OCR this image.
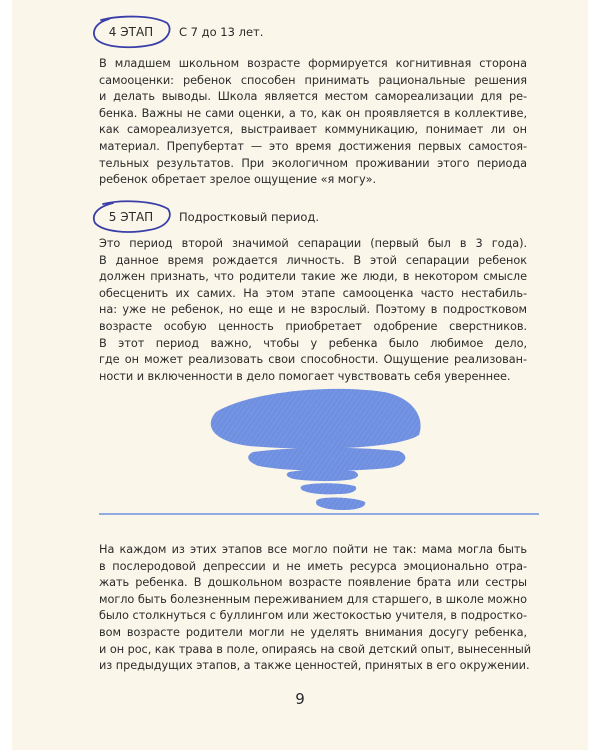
4 ЭТАП С 7 до 13 лет.
В младшем школьном возрасте формируется когнитивная сторона
самооценки: ребенок способен принимать рациональные решения
и делать выводы. Школа является местом самореализации для ре-
бенка. Важны не сами оценки, а то, как он проявляется в коллективе,
как самореализуется, выстраивает коммуникацию, понимает ли он
материал. Препубертат — это время достижения первых самостоя-
тельных результатов. При экологичном проживании этого периода
ребенок обретает зрелое ощущение «я могу».
5 ЭТАП Подростковый период.
Это период второй значимой сепарации (первый был в 3 года).
В данное время рождается личность. В этой сепарации ребенок
должен признать, что родители такие же люди, в некотором смысле
обесценить их самих. На этом этапе самооценка часто нестабиль-
на: уже не ребенок, но еще и не взрослый. Поэтому в подростковом
возрасте особую ценность приобретает одобрение сверстников.
В этот период важно, чтобы у ребенка было любимое дело,
где он может реализовать свои способности. Ощущение реализован-
ности и включенности в дело помогает чувствовать себя увереннее.
На каждом из этих этапов все могло пойти не так: мама могла быть
в послеродовой депрессии и не иметь ресурса эмоционально отра-
жать ребенка. В дошкольном возрасте появление брата или сестры
могло быть болезненным переживанием для старшего, в школе можно
было столкнуться с буллингом или жестокостью учителя, в подростко-
вом возрасте родители могли не уделять внимания досугу ребенка,
и он рос, как трава в поле, опираясь на свой детский опыт, вынесенный
из предыдущих этапов, а также ценностей, принятых в его окружении.
9
